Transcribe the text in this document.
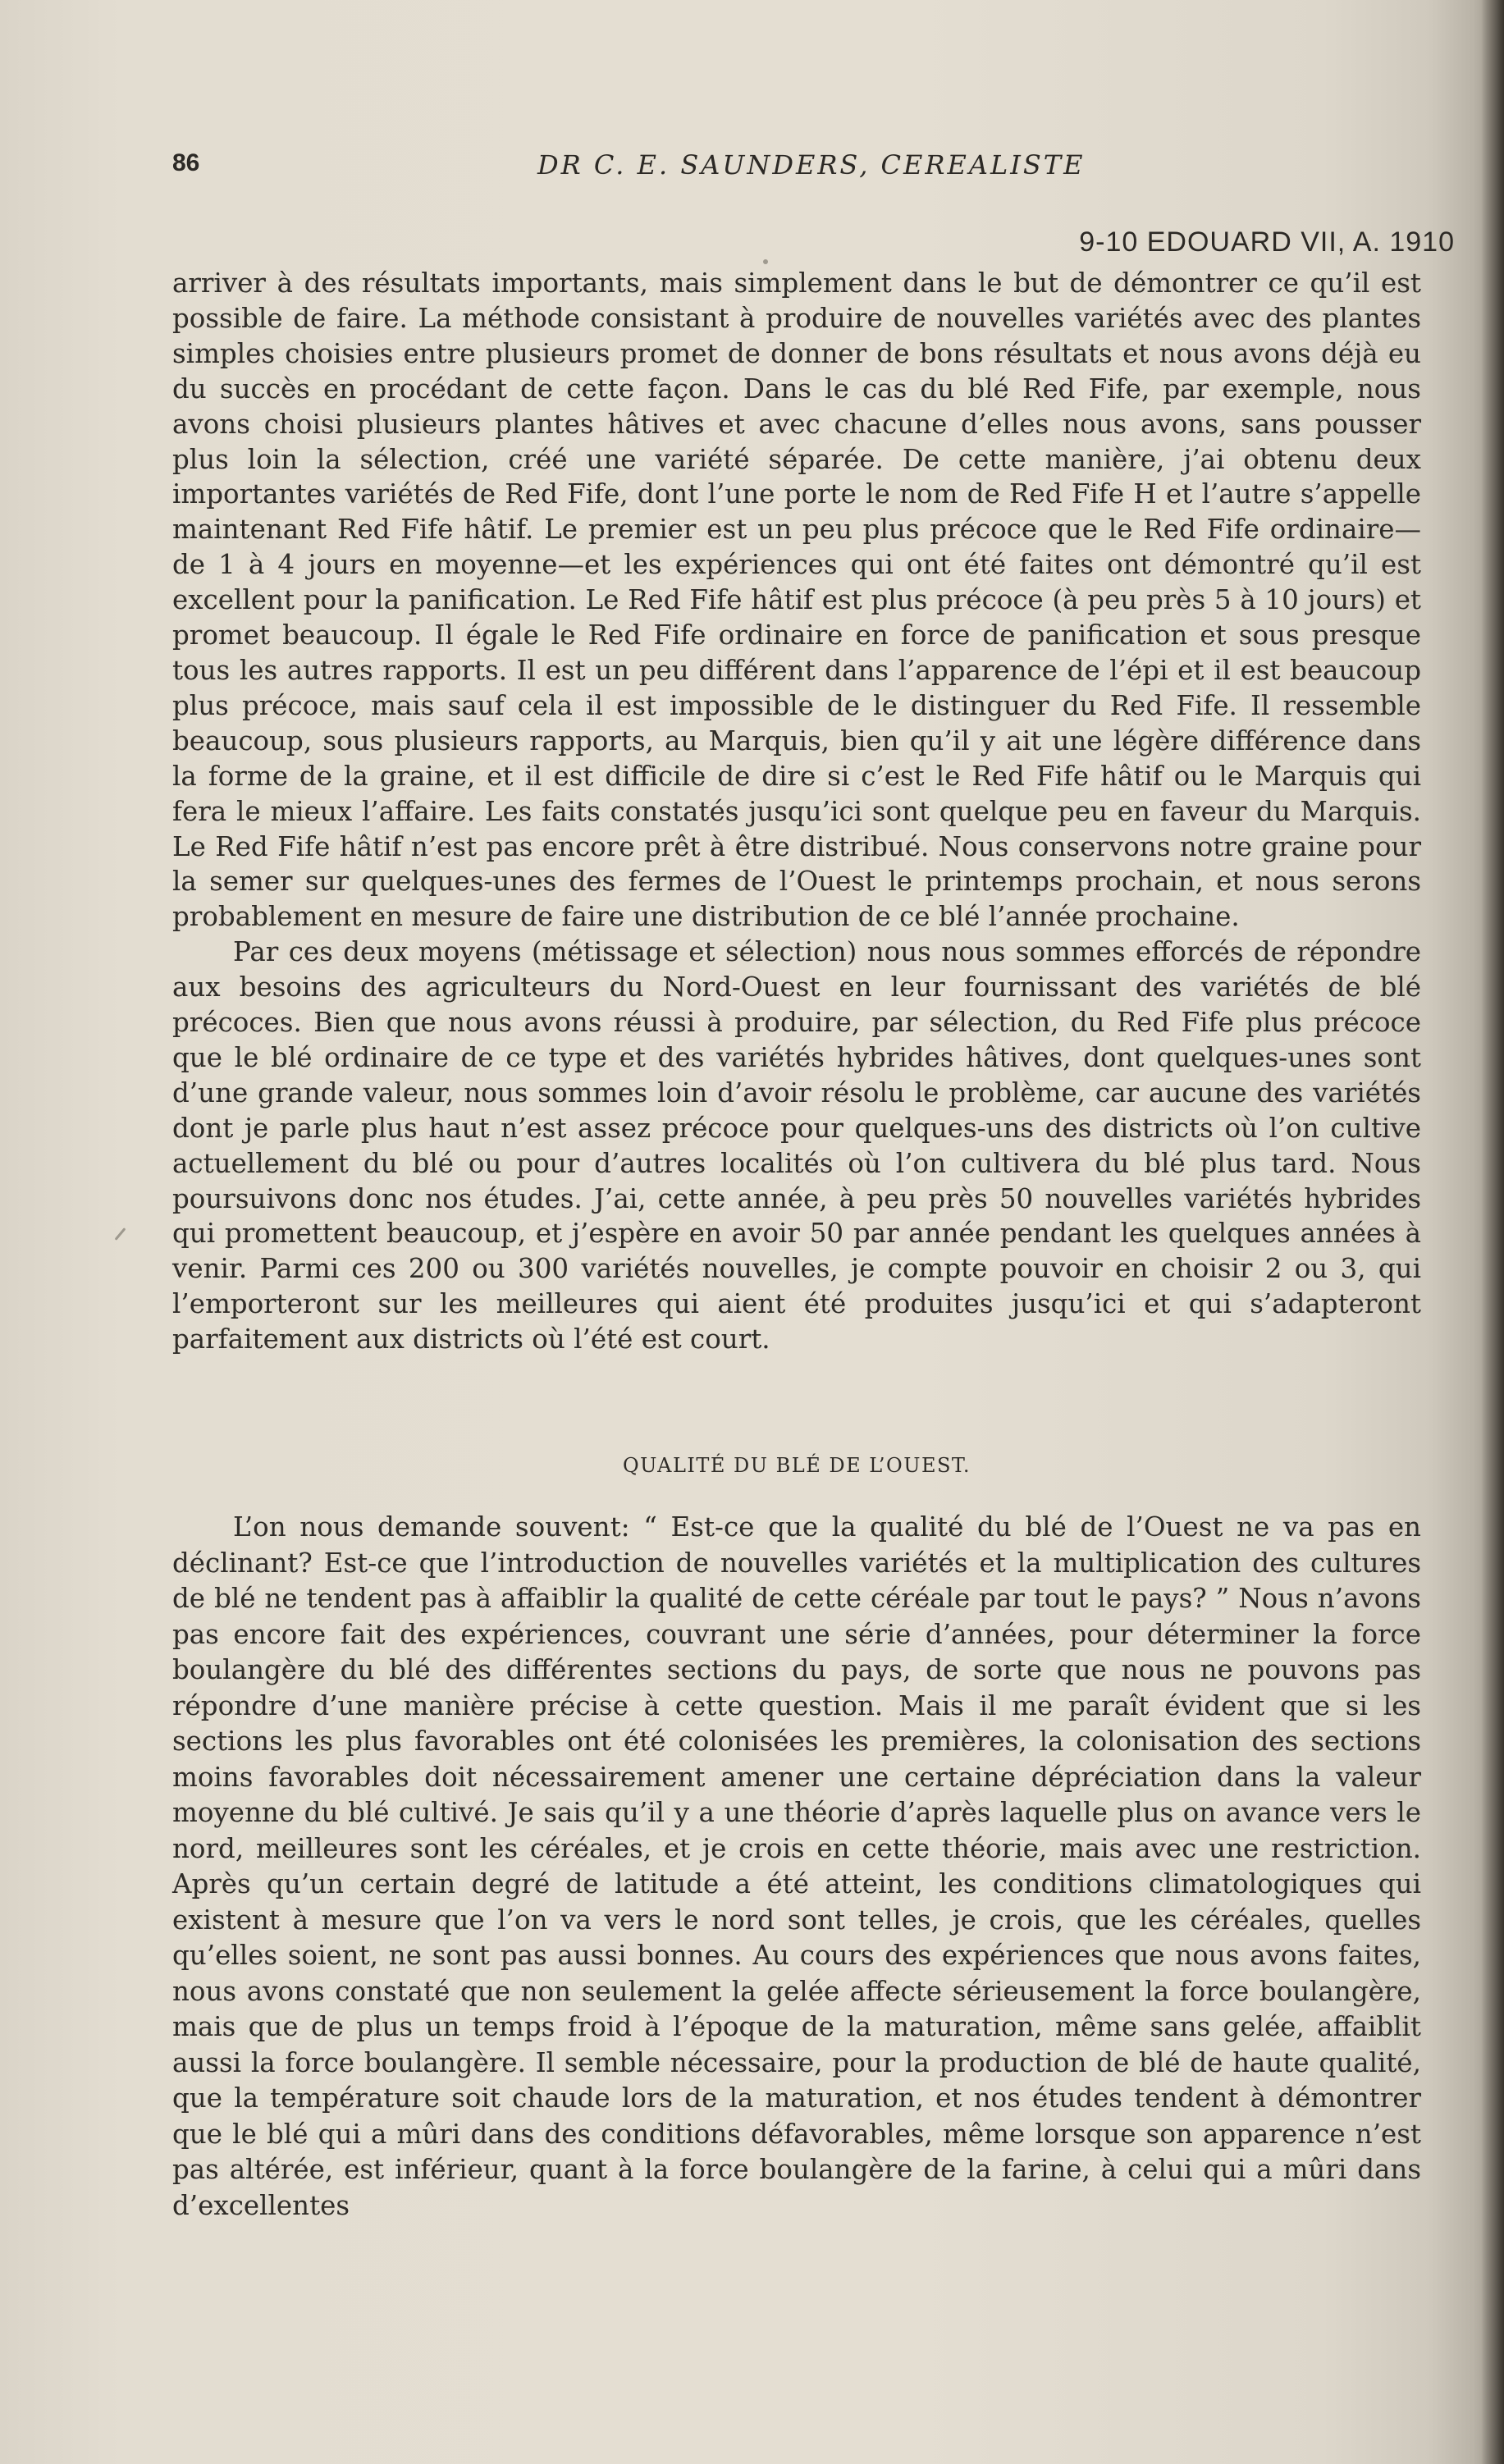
86	DR C. E. SAUNDERS, CEREALISTE
9-10 EDOUARD VII, A. 1910

arriver à des résultats importants, mais simplement dans le but de démontrer ce qu’il est possible de faire. La méthode consistant à produire de nouvelles variétés avec des plantes simples choisies entre plusieurs promet de donner de bons résultats et nous avons déjà eu du succès en procédant de cette façon. Dans le cas du blé Red Fife, par exemple, nous avons choisi plusieurs plantes hâtives et avec chacune d’elles nous avons, sans pousser plus loin la sélection, créé une variété séparée. De cette manière, j’ai obtenu deux importantes variétés de Red Fife, dont l’une porte le nom de Red Fife H et l’autre s’appelle maintenant Red Fife hâtif. Le premier est un peu plus précoce que le Red Fife ordinaire—de 1 à 4 jours en moyenne—et les expériences qui ont été faites ont démontré qu’il est excellent pour la panification. Le Red Fife hâtif est plus précoce (à peu près 5 à 10 jours) et promet beaucoup. Il égale le Red Fife ordinaire en force de panification et sous presque tous les autres rapports. Il est un peu différent dans l’apparence de l’épi et il est beaucoup plus précoce, mais sauf cela il est impossible de le distinguer du Red Fife. Il ressemble beaucoup, sous plusieurs rapports, au Marquis, bien qu’il y ait une légère différence dans la forme de la graine, et il est difficile de dire si c’est le Red Fife hâtif ou le Marquis qui fera le mieux l’affaire. Les faits constatés jusqu’ici sont quelque peu en faveur du Marquis. Le Red Fife hâtif n’est pas encore prêt à être distribué. Nous conservons notre graine pour la semer sur quelques-unes des fermes de l’Ouest le printemps prochain, et nous serons probablement en mesure de faire une distribution de ce blé l’année prochaine.

Par ces deux moyens (métissage et sélection) nous nous sommes efforcés de répondre aux besoins des agriculteurs du Nord-Ouest en leur fournissant des variétés de blé précoces. Bien que nous avons réussi à produire, par sélection, du Red Fife plus précoce que le blé ordinaire de ce type et des variétés hybrides hâtives, dont quelques-unes sont d’une grande valeur, nous sommes loin d’avoir résolu le problème, car aucune des variétés dont je parle plus haut n’est assez précoce pour quelques-uns des districts où l’on cultive actuellement du blé ou pour d’autres localités où l’on cultivera du blé plus tard. Nous poursuivons donc nos études. J’ai, cette année, à peu près 50 nouvelles variétés hybrides qui promettent beaucoup, et j’espère en avoir 50 par année pendant les quelques années à venir. Parmi ces 200 ou 300 variétés nouvelles, je compte pouvoir en choisir 2 ou 3, qui l’emporteront sur les meilleures qui aient été produites jusqu’ici et qui s’adapteront parfaitement aux districts où l’été est court.

QUALITÉ DU BLÉ DE L’OUEST.

L’on nous demande souvent: “ Est-ce que la qualité du blé de l’Ouest ne va pas en déclinant? Est-ce que l’introduction de nouvelles variétés et la multiplication des cultures de blé ne tendent pas à affaiblir la qualité de cette céréale par tout le pays? ” Nous n’avons pas encore fait des expériences, couvrant une série d’années, pour déterminer la force boulangère du blé des différentes sections du pays, de sorte que nous ne pouvons pas répondre d’une manière précise à cette question. Mais il me paraît évident que si les sections les plus favorables ont été colonisées les premières, la colonisation des sections moins favorables doit nécessairement amener une certaine dépréciation dans la valeur moyenne du blé cultivé. Je sais qu’il y a une théorie d’après laquelle plus on avance vers le nord, meilleures sont les céréales, et je crois en cette théorie, mais avec une restriction. Après qu’un certain degré de latitude a été atteint, les conditions climatologiques qui existent à mesure que l’on va vers le nord sont telles, je crois, que les céréales, quelles qu’elles soient, ne sont pas aussi bonnes. Au cours des expériences que nous avons faites, nous avons constaté que non seulement la gelée affecte sérieusement la force boulangère, mais que de plus un temps froid à l’époque de la maturation, même sans gelée, affaiblit aussi la force boulangère. Il semble nécessaire, pour la production de blé de haute qualité, que la température soit chaude lors de la maturation, et nos études tendent à démontrer que le blé qui a mûri dans des conditions défavorables, même lorsque son apparence n’est pas altérée, est inférieur, quant à la force boulangère de la farine, à celui qui a mûri dans d’excellentes
